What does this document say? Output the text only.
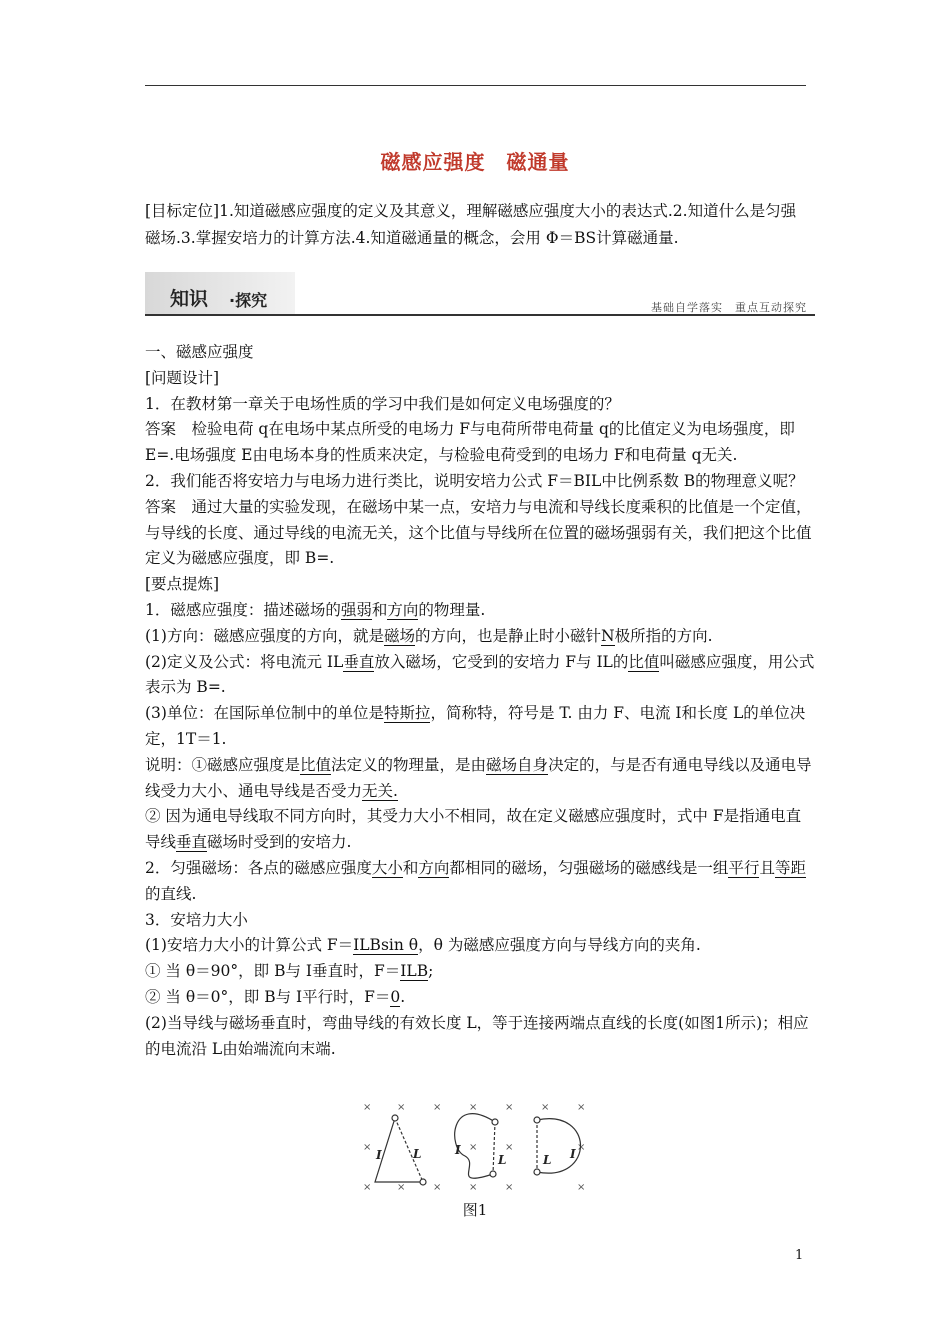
磁感应强度　磁通量
[目标定位]1.知道磁感应强度的定义及其意义，理解磁感应强度大小的表达式.2.知道什么是匀强磁场.3.掌握安培力的计算方法.4.知道磁通量的概念，会用 Φ＝BS计算磁通量.
知识 ·探究	基础自学落实　重点互动探究

一、磁感应强度

[问题设计]

1．在教材第一章关于电场性质的学习中我们是如何定义电场强度的？

答案　检验电荷 q在电场中某点所受的电场力 F与电荷所带电荷量 q的比值定义为电场强度，即 E=.电场强度 E由电场本身的性质来决定，与检验电荷受到的电场力 F和电荷量 q无关.

2．我们能否将安培力与电场力进行类比，说明安培力公式 F＝BIL中比例系数 B的物理意义呢？

答案　通过大量的实验发现，在磁场中某一点，安培力与电流和导线长度乘积的比值是一个定值，与导线的长度、通过导线的电流无关，这个比值与导线所在位置的磁场强弱有关，我们把这个比值定义为磁感应强度，即 B=.

[要点提炼]

1．磁感应强度：描述磁场的强弱和方向的物理量.

(1)方向：磁感应强度的方向，就是磁场的方向，也是静止时小磁针N极所指的方向.

(2)定义及公式：将电流元 IL垂直放入磁场，它受到的安培力 F与 IL的比值叫磁感应强度，用公式表示为 B=.

(3)单位：在国际单位制中的单位是特斯拉，简称特，符号是 T. 由力 F、电流 I和长度 L的单位决定，1T＝1.

说明：①磁感应强度是比值法定义的物理量，是由磁场自身决定的，与是否有通电导线以及通电导线受力大小、通电导线是否受力无关.

② 因为通电导线取不同方向时，其受力大小不相同，故在定义磁感应强度时，式中 F是指通电直导线垂直磁场时受到的安培力.

2．匀强磁场：各点的磁感应强度大小和方向都相同的磁场，匀强磁场的磁感线是一组平行且等距的直线.

3．安培力大小

(1)安培力大小的计算公式 F＝ILBsin θ，θ 为磁感应强度方向与导线方向的夹角.

① 当 θ＝90°，即 B与 I垂直时，F＝ILB;

② 当 θ＝0°，即 B与 I平行时，F＝0.

(2)当导线与磁场垂直时，弯曲导线的有效长度 L，等于连接两端点直线的长度(如图1所示)；相应的电流沿 L由始端流向末端.

×	×	×	×	×	×	×
×	×	×	×
×	×	×	×	×	×
I	L	I
L	L I
图1
1
